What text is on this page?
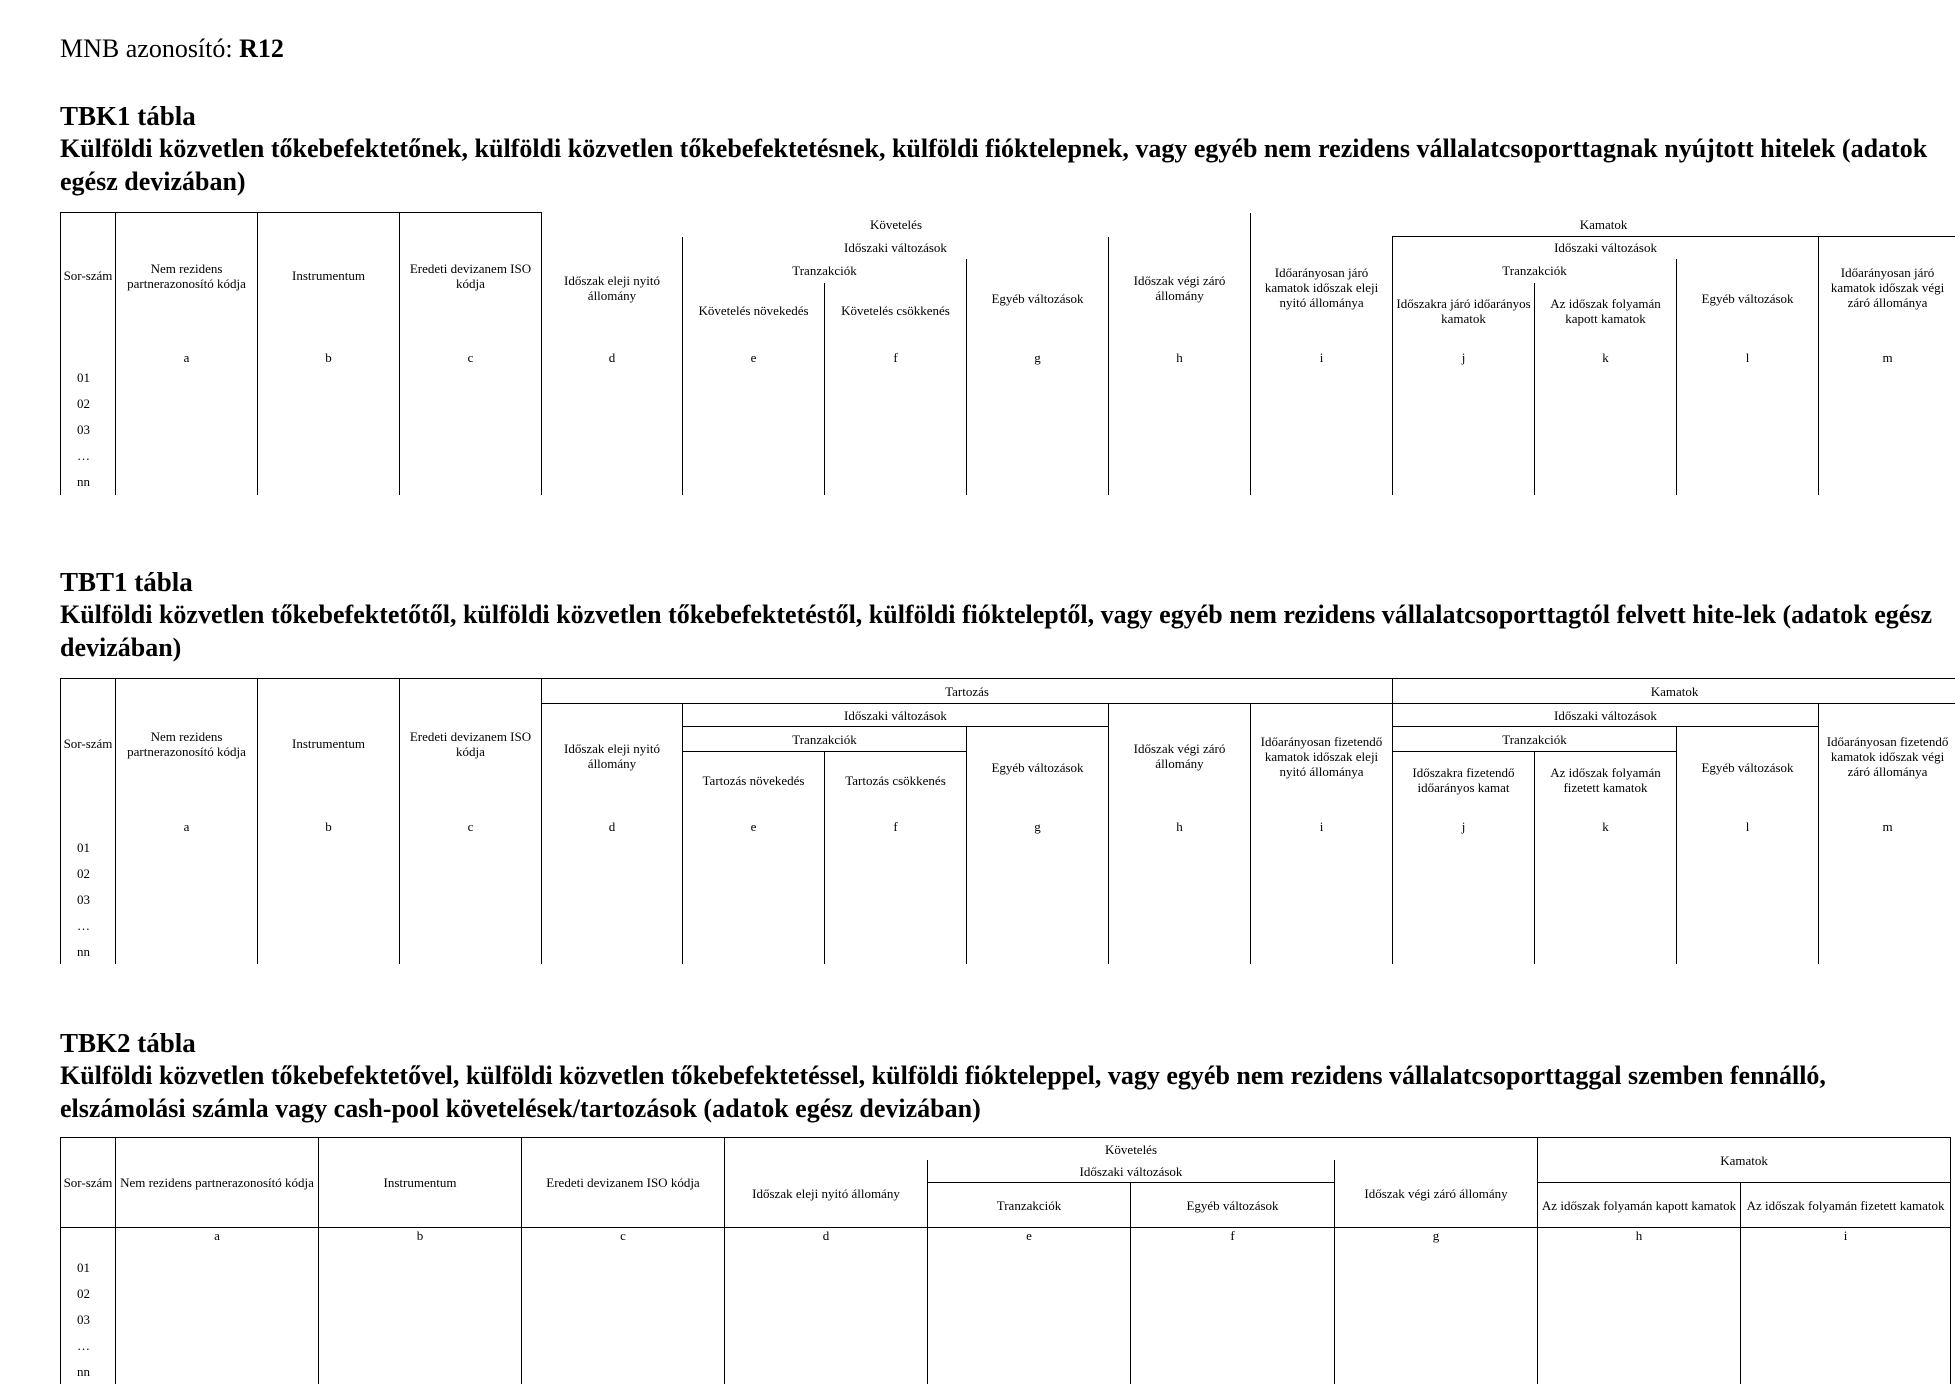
MNB azonosító: R12
TBK1 tábla
Külföldi közvetlen tőkebefektetőnek, külföldi közvetlen tőkebefektetésnek, külföldi fióktelepnek, vagy egyéb nem rezidens vállalatcsoporttagnak nyújtott hitelek (adatok egész devizában)
Sor-szám	Nem rezidens partnerazonosító kódja	Instrumentum	Eredeti devizanem ISO kódja	Követelés					Kamatok				
				Időszak eleji nyitó állomány	Időszaki változások			Időszak végi záró állomány	Időarányosan járó kamatok időszak eleji nyitó állománya	Időszaki változások			Időarányosan járó kamatok időszak végi záró állománya
					Tranzakciók		Egyéb változások			Tranzakciók		Egyéb változások	
					Követelés növekedés	Követelés csökkenés				Időszakra járó időarányos kamatok	Az időszak folyamán kapott kamatok		
	a	b	c	d	e	f	g	h	i	j	k	l	m
01													
02													
03													
…													
nn													
TBT1 tábla
Külföldi közvetlen tőkebefektetőtől, külföldi közvetlen tőkebefektetéstől, külföldi fiókteleptől, vagy egyéb nem rezidens vállalatcsoporttagtól felvett hite-lek (adatok egész devizában)
Sor-szám	Nem rezidens partnerazonosító kódja	Instrumentum	Eredeti devizanem ISO kódja	Tartozás						Kamatok			
				Időszak eleji nyitó állomány	Időszaki változások			Időszak végi záró állomány	Időarányosan fizetendő kamatok időszak eleji nyitó állománya	Időszaki változások			Időarányosan fizetendő kamatok időszak végi záró állománya
					Tranzakciók		Egyéb változások			Tranzakciók		Egyéb változások	
					Tartozás növekedés	Tartozás csökkenés				Időszakra fizetendő időarányos kamat	Az időszak folyamán fizetett kamatok		
	a	b	c	d	e	f	g	h	i	j	k	l	m
01													
02													
03													
…													
nn													
TBK2 tábla
Külföldi közvetlen tőkebefektetővel, külföldi közvetlen tőkebefektetéssel, külföldi fiókteleppel, vagy egyéb nem rezidens vállalatcsoporttaggal szemben fennálló, elszámolási számla vagy cash-pool követelések/tartozások (adatok egész devizában)
Sor-szám	Nem rezidens partnerazonosító kódja	Instrumentum	Eredeti devizanem ISO kódja	Követelés				Kamatok	
				Időszak eleji nyitó állomány	Időszaki változások		Időszak végi záró állomány		
					Tranzakciók	Egyéb változások		Az időszak folyamán kapott kamatok	Az időszak folyamán fizetett kamatok
	a	b	c	d	e	f	g	h	i
01									
02									
03									
…									
nn									
